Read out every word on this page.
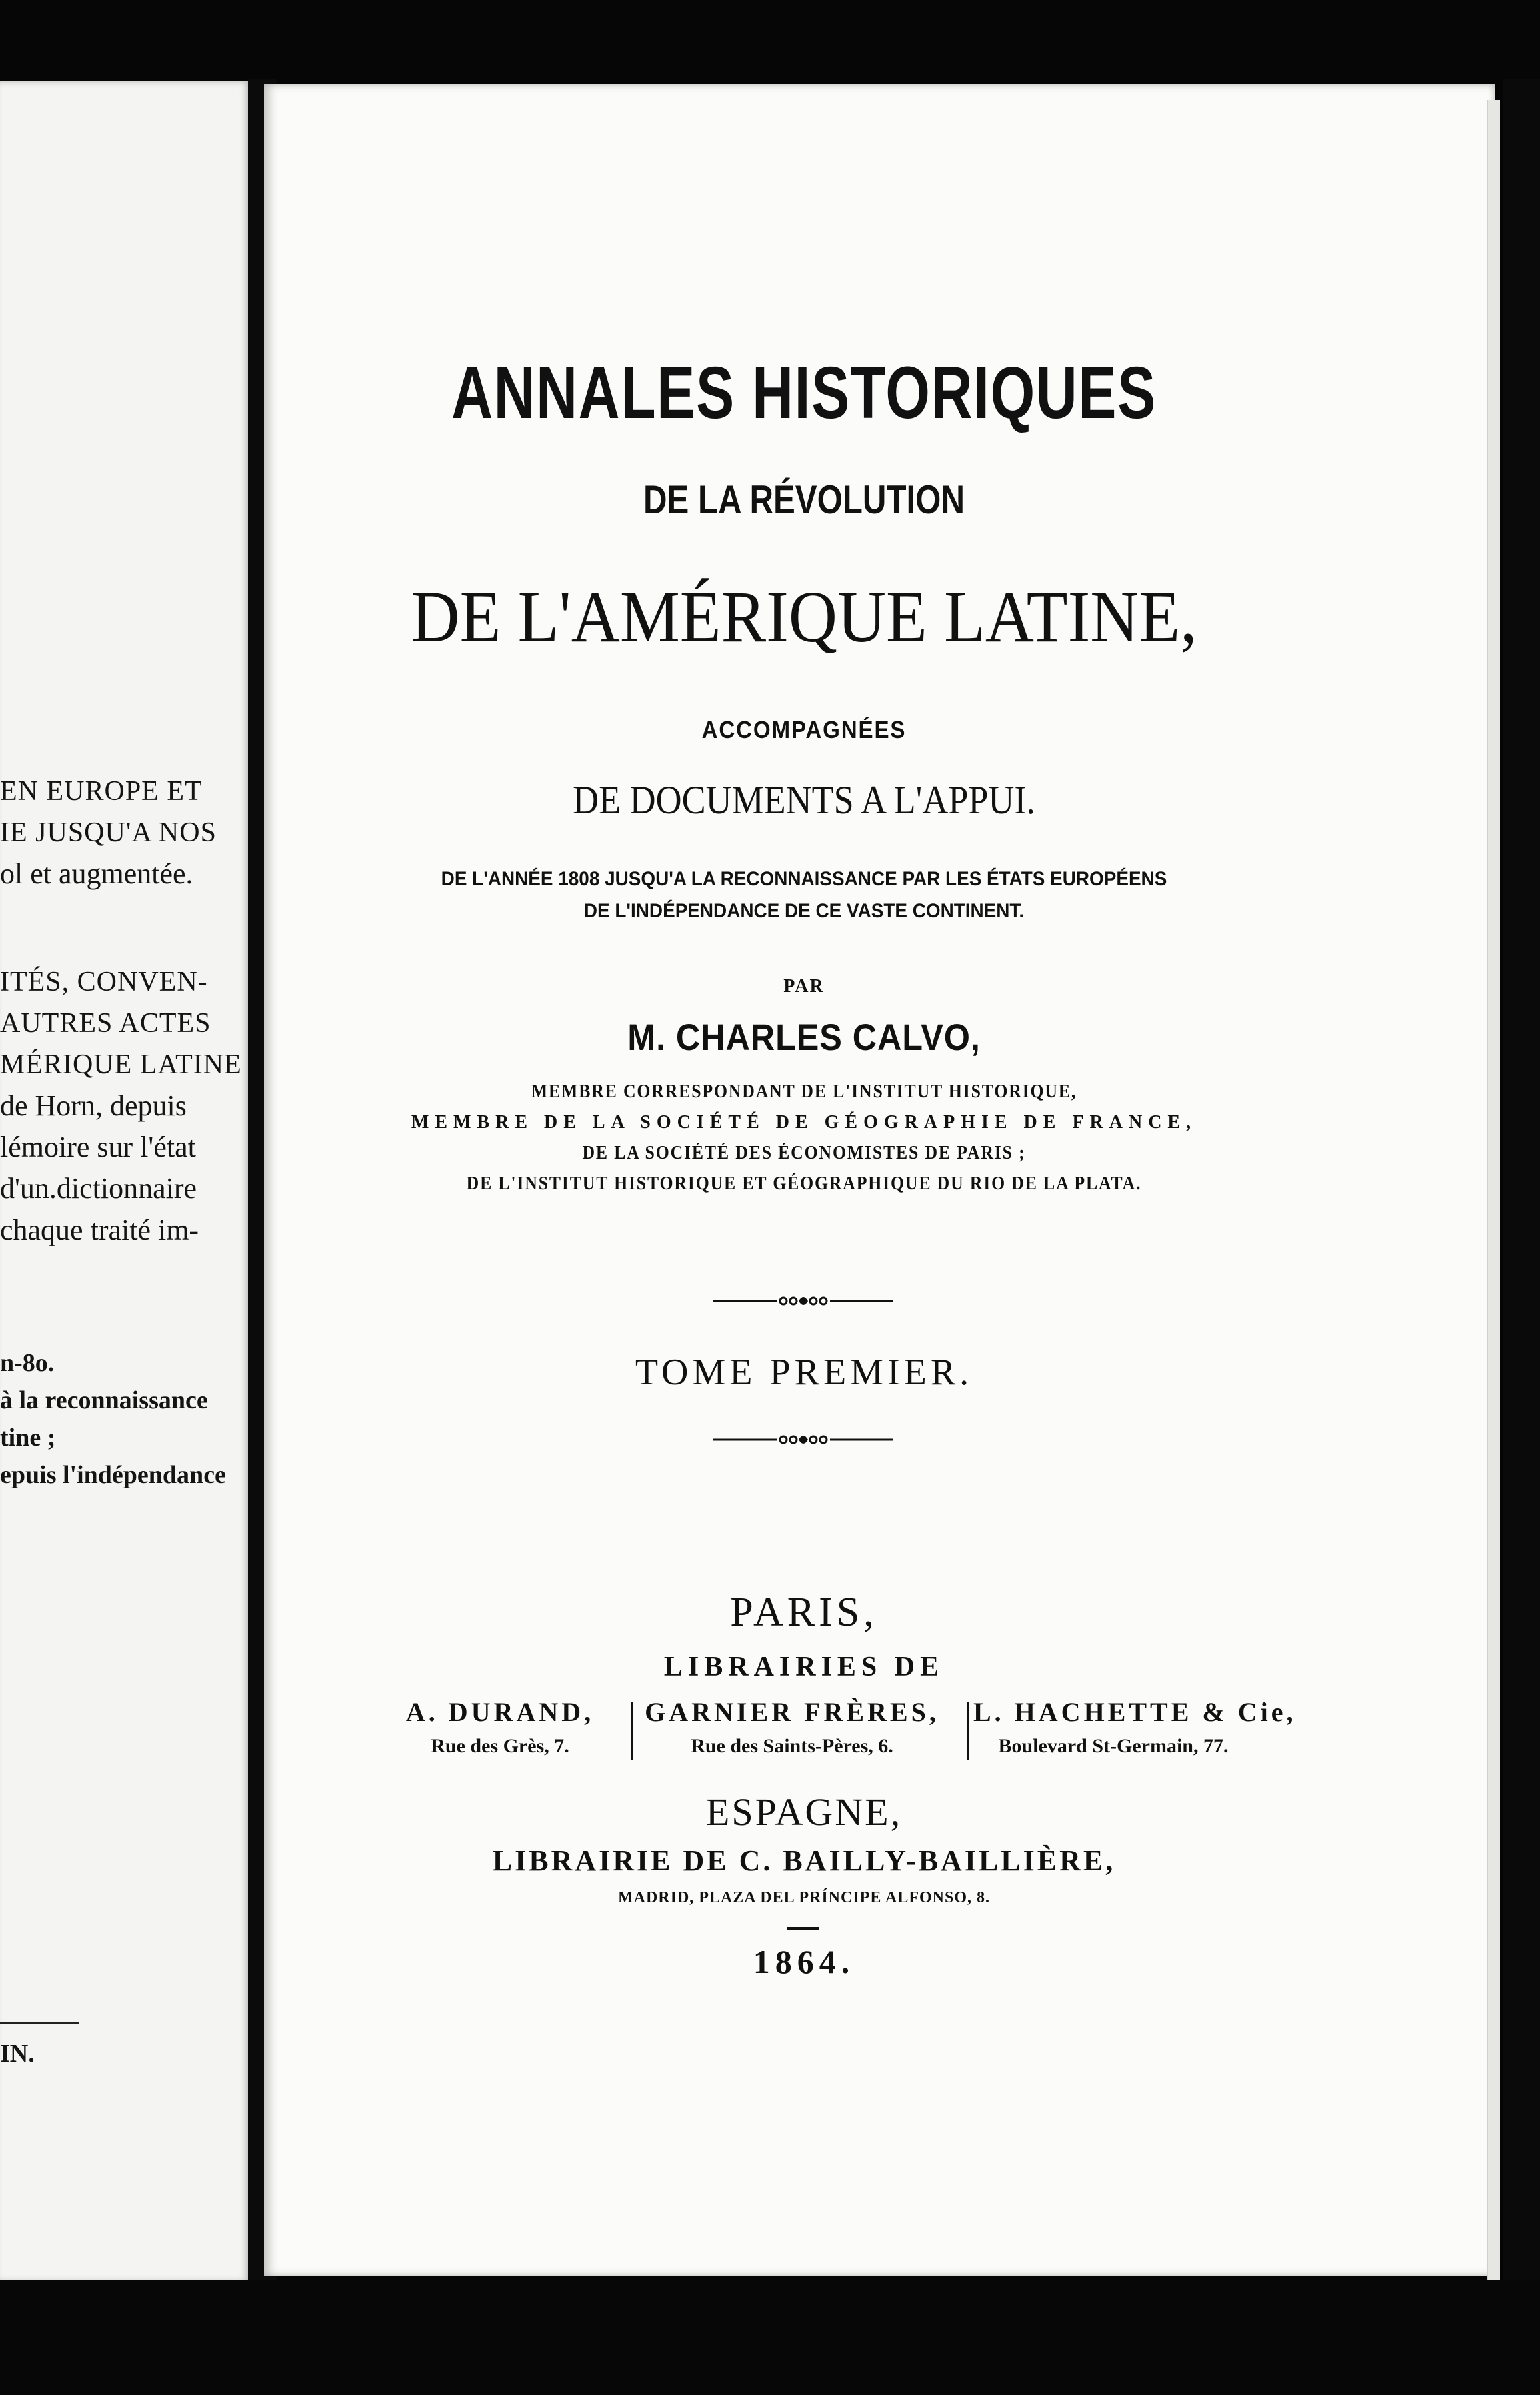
EN EUROPE ET
IE JUSQU'A NOS
ol et augmentée.
ITÉS, CONVEN-
AUTRES ACTES
MÉRIQUE LATINE
de Horn, depuis
lémoire sur l'état
d'un.dictionnaire
chaque traité im-
n-8o.
à la reconnaissance
tine ;
epuis l'indépendance
IN.
ANNALES HISTORIQUES
DE LA RÉVOLUTION
DE L'AMÉRIQUE LATINE,
ACCOMPAGNÉES
DE DOCUMENTS A L'APPUI.
DE L'ANNÉE 1808 JUSQU'A LA RECONNAISSANCE PAR LES ÉTATS EUROPÉENS
DE L'INDÉPENDANCE DE CE VASTE CONTINENT.
PAR
M. CHARLES CALVO,
MEMBRE CORRESPONDANT DE L'INSTITUT HISTORIQUE,
MEMBRE DE LA SOCIÉTÉ DE GÉOGRAPHIE DE FRANCE,
DE LA SOCIÉTÉ DES ÉCONOMISTES DE PARIS ;
DE L'INSTITUT HISTORIQUE ET GÉOGRAPHIQUE DU RIO DE LA PLATA.
TOME PREMIER.
PARIS,
LIBRAIRIES DE
A. DURAND,
Rue des Grès, 7.
GARNIER FRÈRES,
Rue des Saints-Pères, 6.
L. HACHETTE & Cie,
Boulevard St-Germain, 77.
ESPAGNE,
LIBRAIRIE DE C. BAILLY-BAILLIÈRE,
MADRID, PLAZA DEL PRÍNCIPE ALFONSO, 8.
1864.
